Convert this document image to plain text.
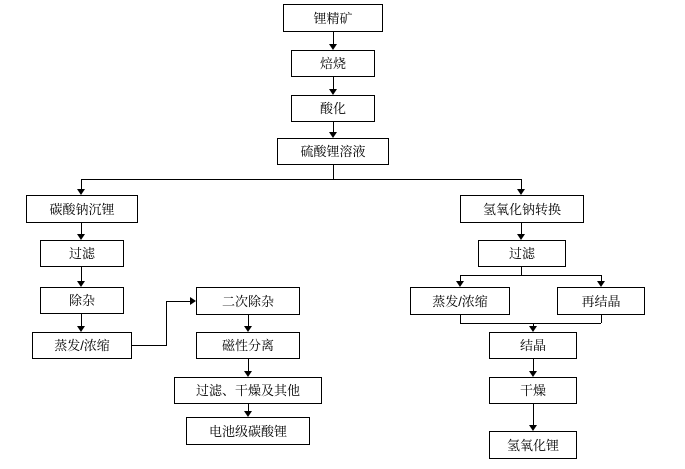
锂精矿
焙烧
酸化
硫酸锂溶液
碳酸钠沉锂	氢氧化钠转换
过滤	过滤
除杂
蒸发/浓缩
蒸发/浓缩	再结晶
二次除杂
磁性分离
过滤、干燥及其他
电池级碳酸锂
结晶
干燥
氢氧化锂
